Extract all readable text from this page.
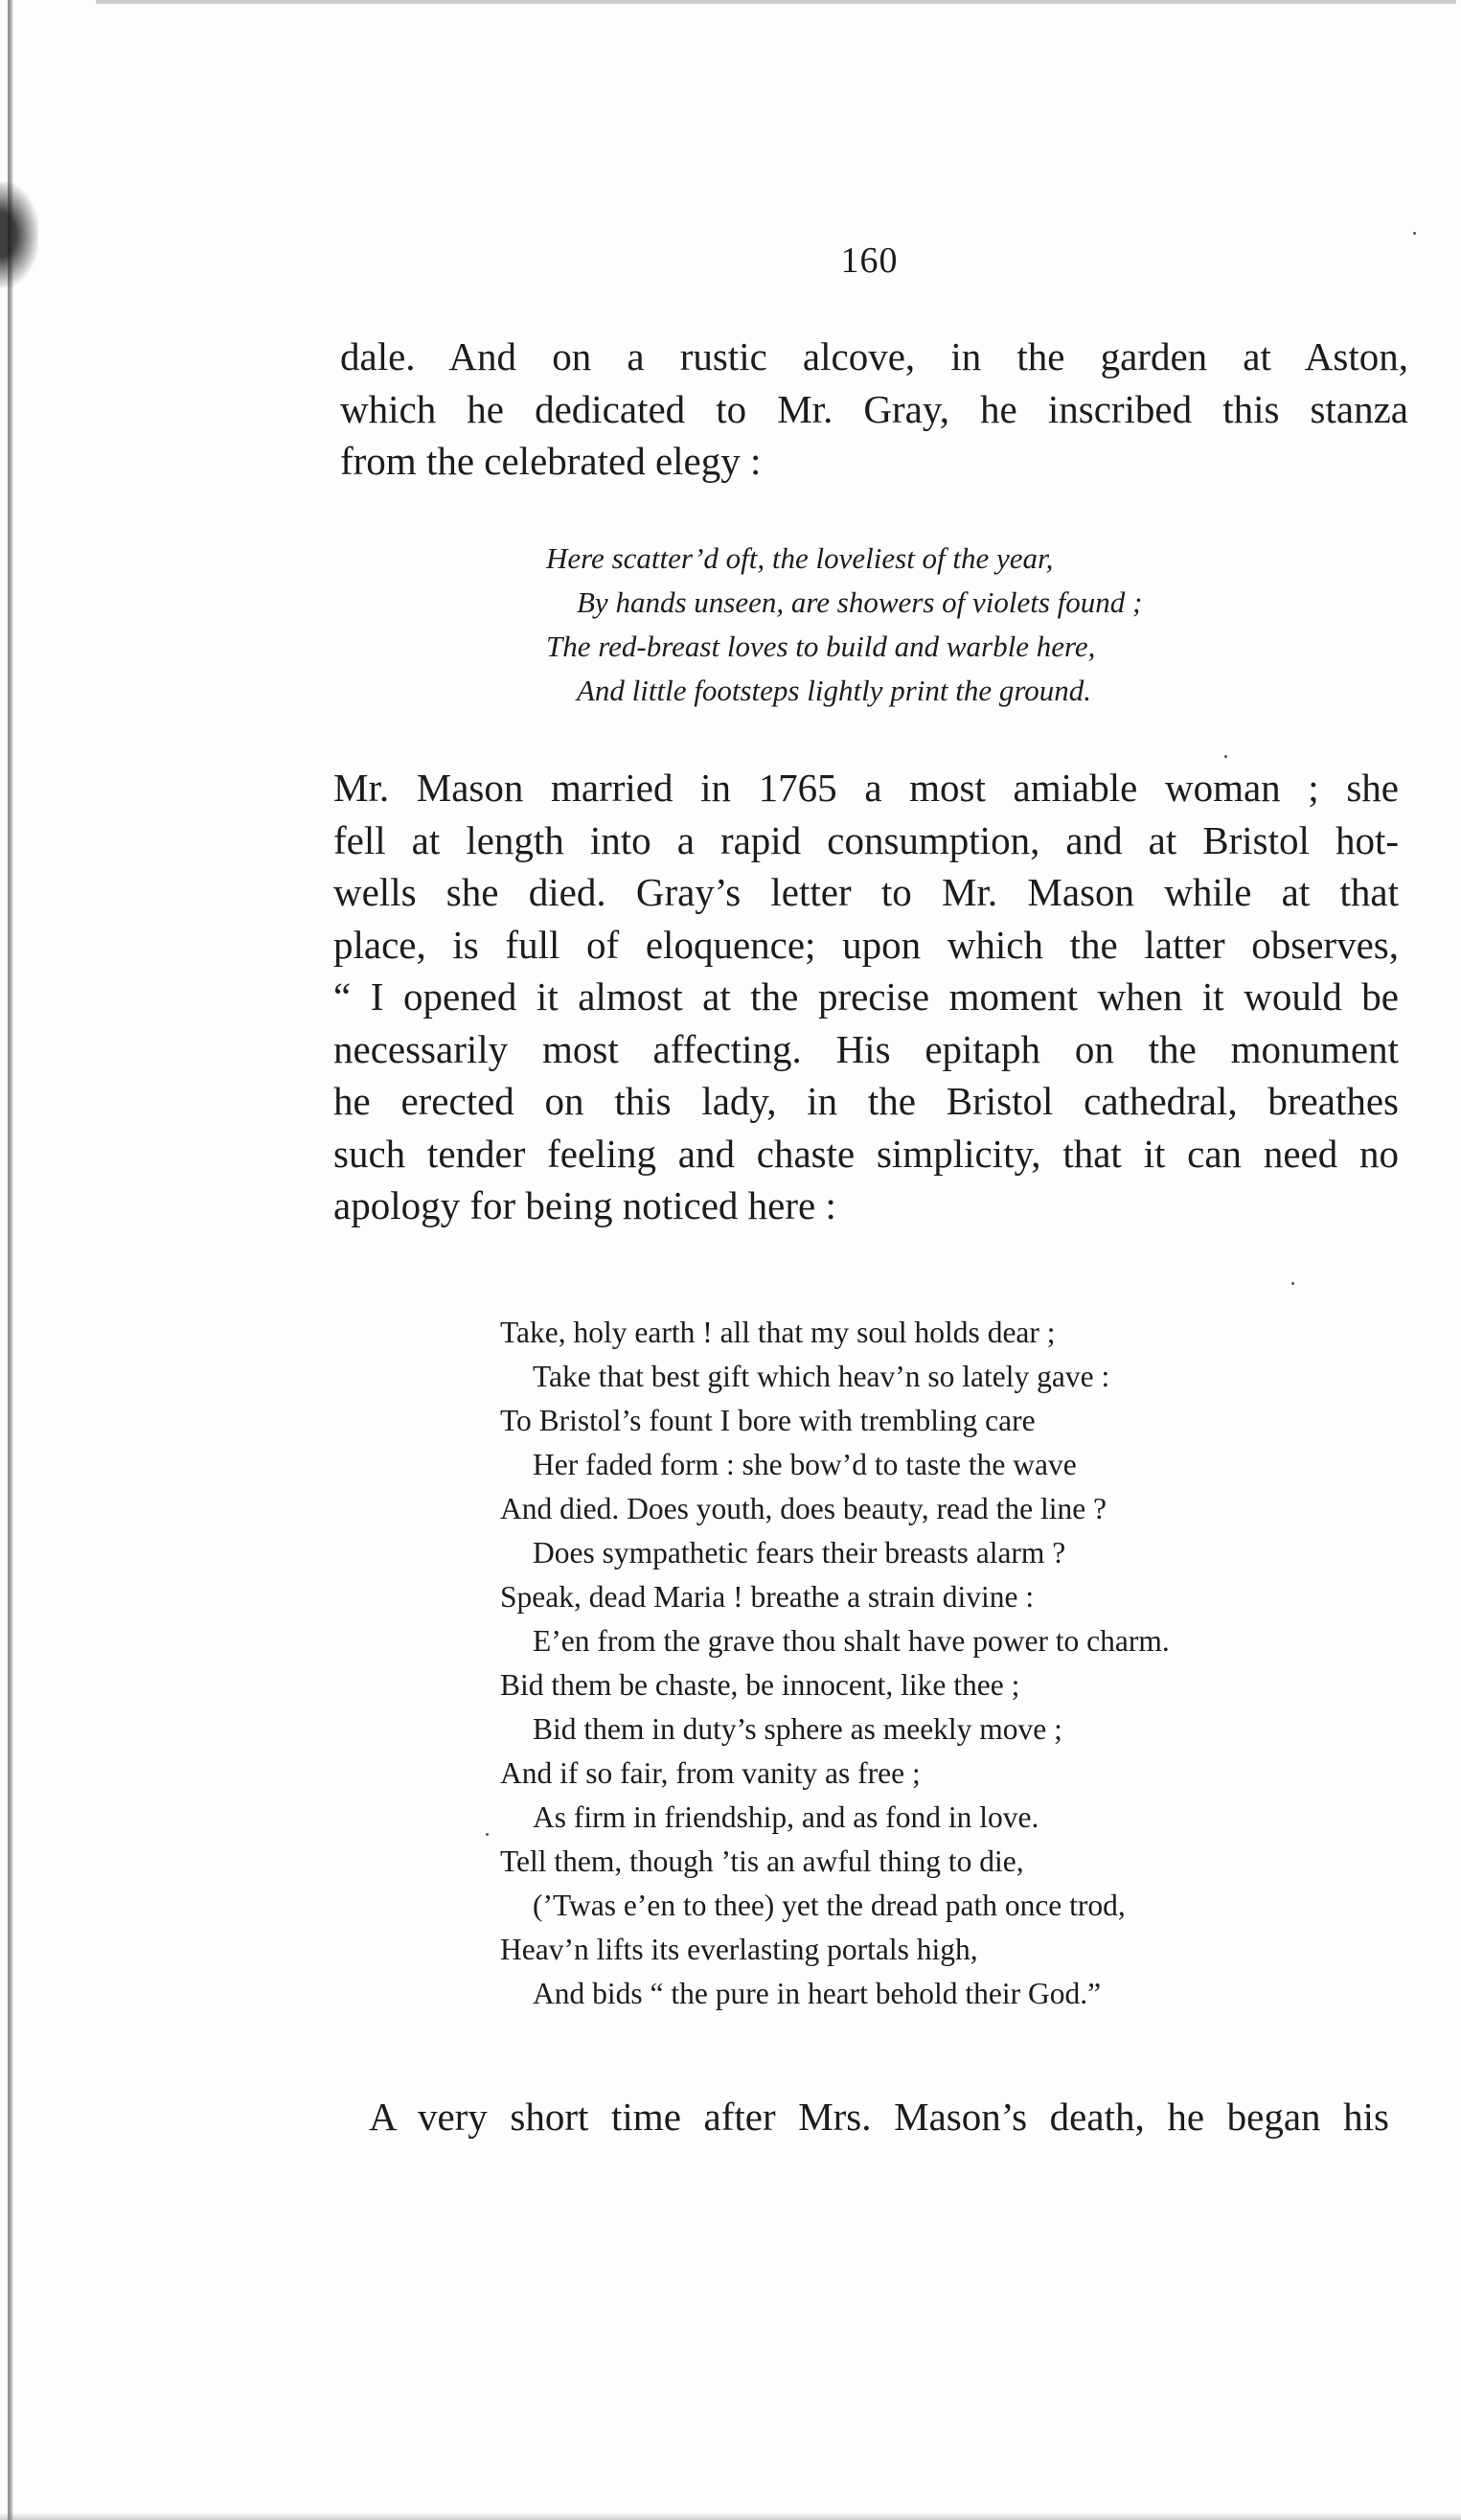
160
dale. And on a rustic alcove, in the garden at Aston,
which he dedicated to Mr. Gray, he inscribed this stanza
from the celebrated elegy :
Here scatter’d oft, the loveliest of the year,
By hands unseen, are showers of violets found ;
The red-breast loves to build and warble here,
And little footsteps lightly print the ground.
Mr. Mason married in 1765 a most amiable woman ; she
fell at length into a rapid consumption, and at Bristol hot-
wells she died. Gray’s letter to Mr. Mason while at that
place, is full of eloquence; upon which the latter observes,
“ I opened it almost at the precise moment when it would be
necessarily most affecting. His epitaph on the monument
he erected on this lady, in the Bristol cathedral, breathes
such tender feeling and chaste simplicity, that it can need no
apology for being noticed here :
Take, holy earth ! all that my soul holds dear ;
Take that best gift which heav’n so lately gave :
To Bristol’s fount I bore with trembling care
Her faded form : she bow’d to taste the wave
And died. Does youth, does beauty, read the line ?
Does sympathetic fears their breasts alarm ?
Speak, dead Maria ! breathe a strain divine :
E’en from the grave thou shalt have power to charm.
Bid them be chaste, be innocent, like thee ;
Bid them in duty’s sphere as meekly move ;
And if so fair, from vanity as free ;
As firm in friendship, and as fond in love.
Tell them, though ’tis an awful thing to die,
(’Twas e’en to thee) yet the dread path once trod,
Heav’n lifts its everlasting portals high,
And bids “ the pure in heart behold their God.”
A very short time after Mrs. Mason’s death, he began his
